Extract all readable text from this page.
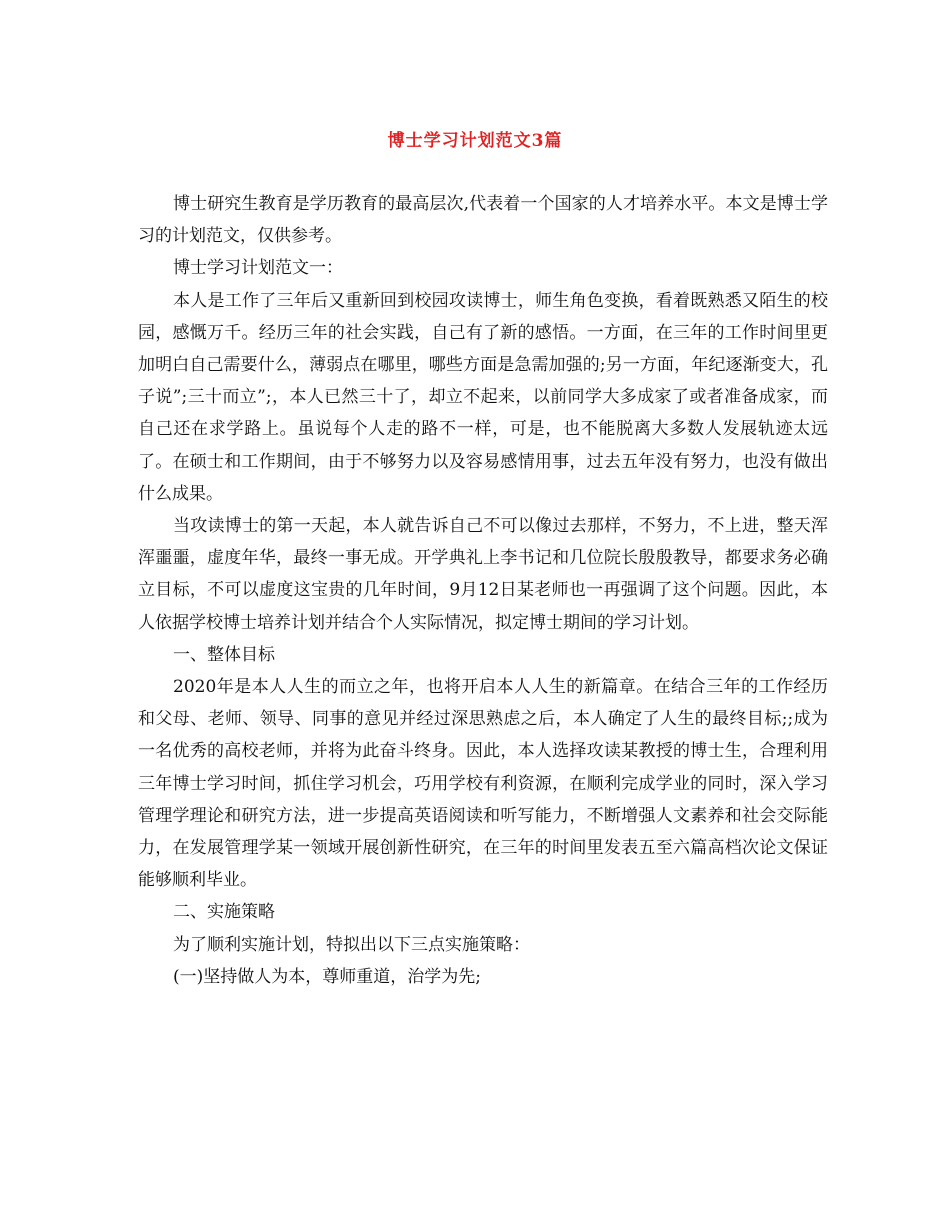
博士学习计划范文3篇

博士研究生教育是学历教育的最高层次,代表着一个国家的人才培养水平。本文是博士学习的计划范文，仅供参考。

博士学习计划范文一：

本人是工作了三年后又重新回到校园攻读博士，师生角色变换，看着既熟悉又陌生的校园，感慨万千。经历三年的社会实践，自己有了新的感悟。一方面，在三年的工作时间里更加明白自己需要什么，薄弱点在哪里，哪些方面是急需加强的;另一方面，年纪逐渐变大，孔子说”;三十而立”;，本人已然三十了，却立不起来，以前同学大多成家了或者准备成家，而自己还在求学路上。虽说每个人走的路不一样，可是，也不能脱离大多数人发展轨迹太远了。在硕士和工作期间，由于不够努力以及容易感情用事，过去五年没有努力，也没有做出什么成果。

当攻读博士的第一天起，本人就告诉自己不可以像过去那样，不努力，不上进，整天浑浑噩噩，虚度年华，最终一事无成。开学典礼上李书记和几位院长殷殷教导，都要求务必确立目标，不可以虚度这宝贵的几年时间，9月12日某老师也一再强调了这个问题。因此，本人依据学校博士培养计划并结合个人实际情况，拟定博士期间的学习计划。

一、整体目标

2020年是本人人生的而立之年，也将开启本人人生的新篇章。在结合三年的工作经历和父母、老师、领导、同事的意见并经过深思熟虑之后，本人确定了人生的最终目标;;成为一名优秀的高校老师，并将为此奋斗终身。因此，本人选择攻读某教授的博士生，合理利用三年博士学习时间，抓住学习机会，巧用学校有利资源，在顺利完成学业的同时，深入学习管理学理论和研究方法，进一步提高英语阅读和听写能力，不断增强人文素养和社会交际能力，在发展管理学某一领域开展创新性研究，在三年的时间里发表五至六篇高档次论文保证能够顺利毕业。

二、实施策略

为了顺利实施计划，特拟出以下三点实施策略：

(一)坚持做人为本，尊师重道，治学为先;
